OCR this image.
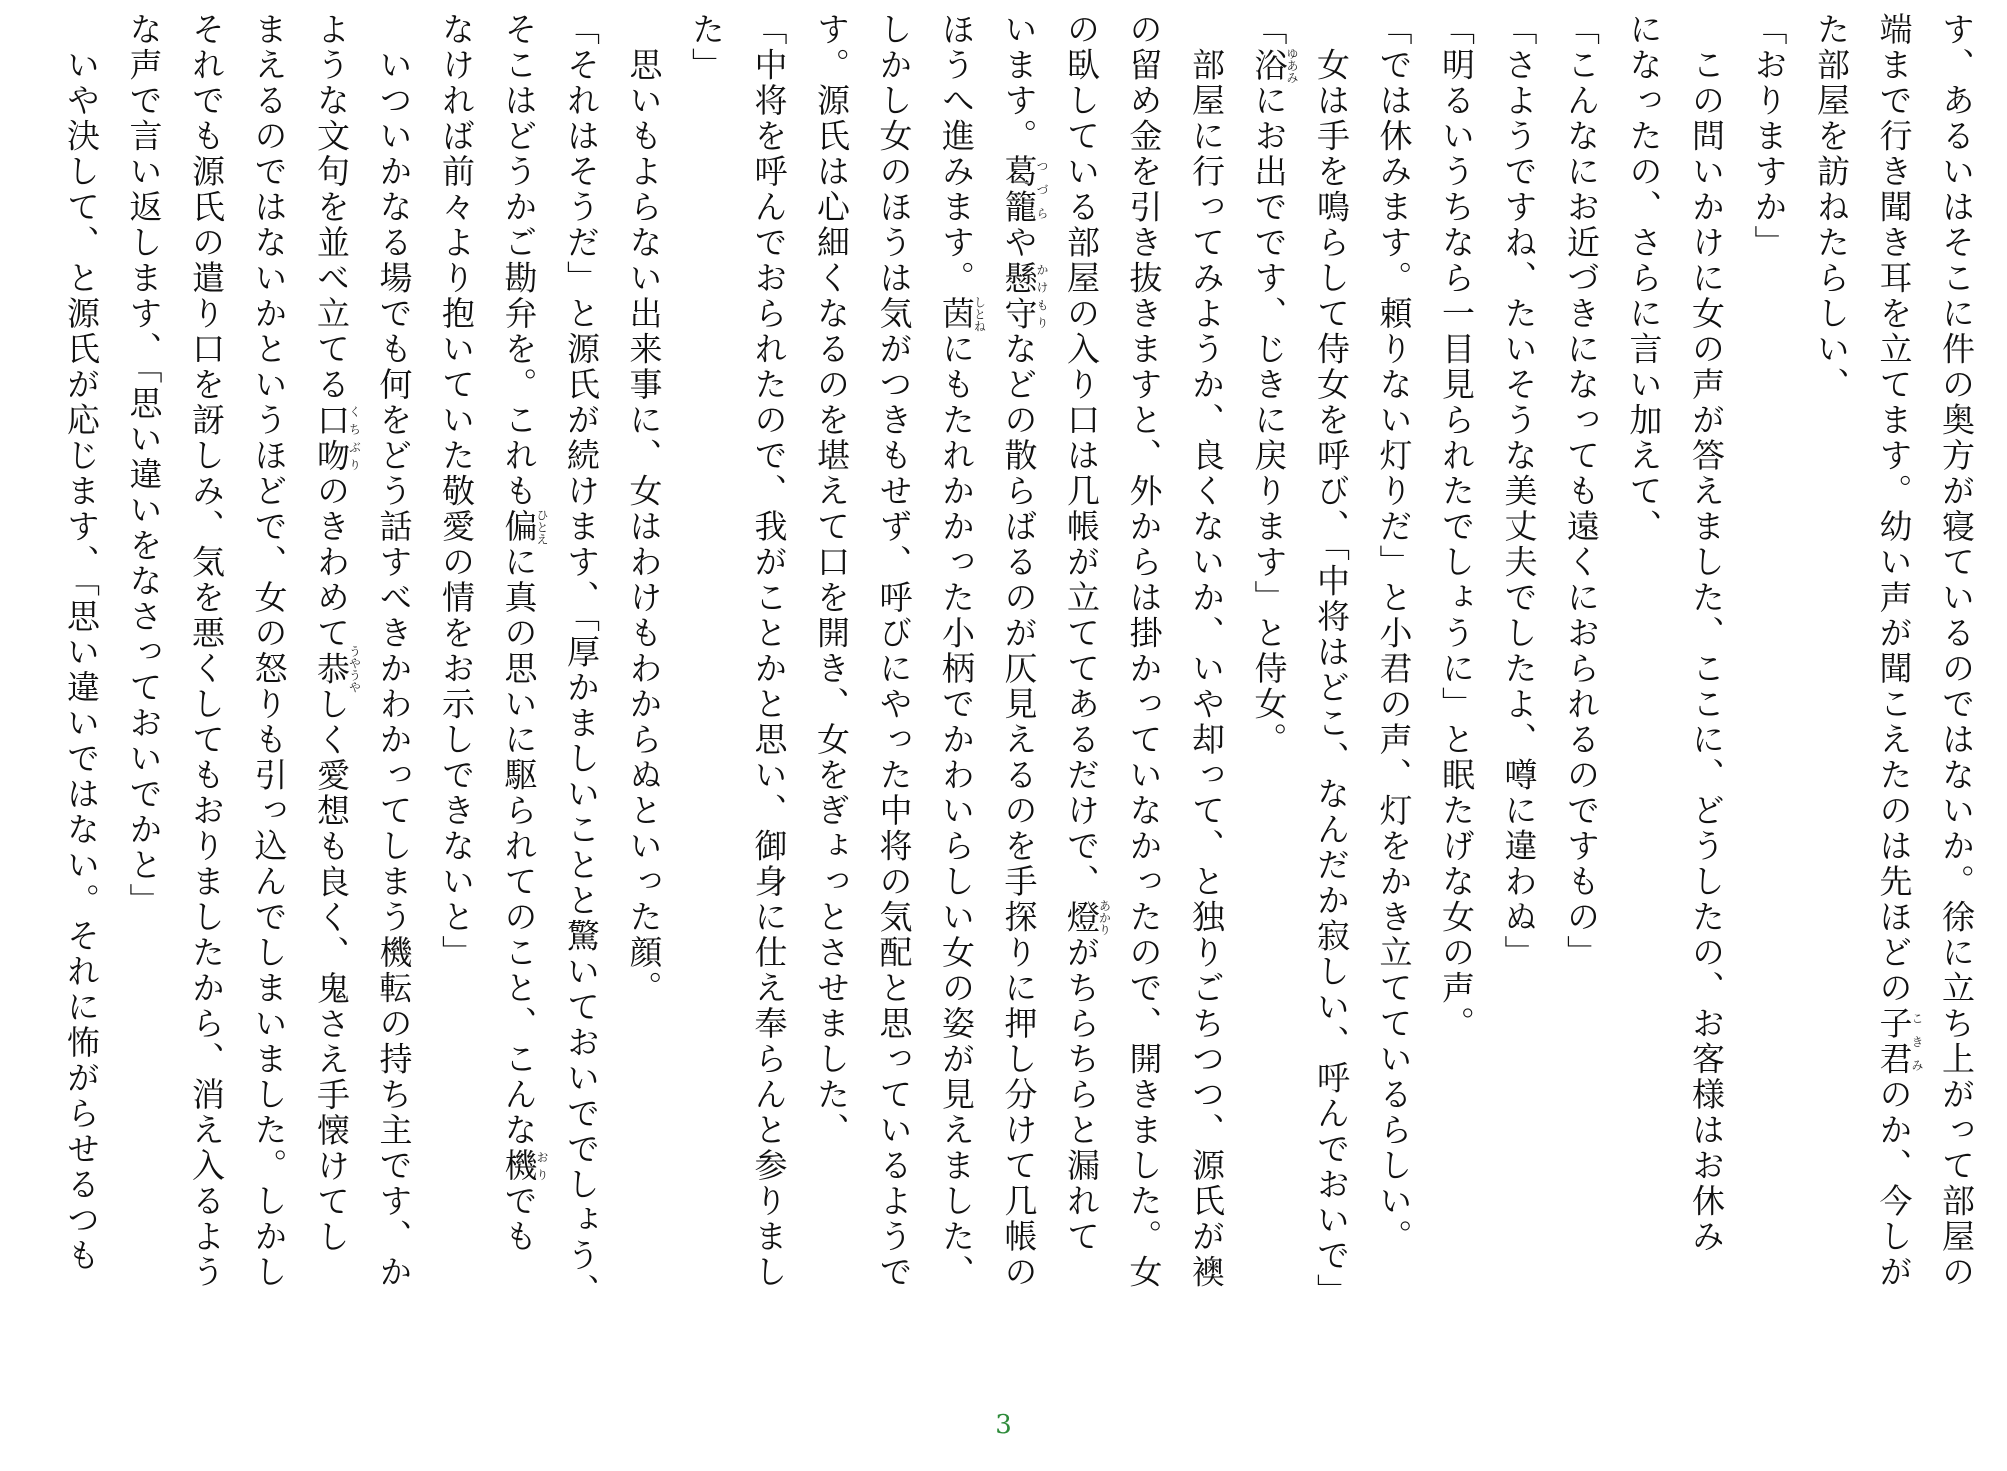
す、あるいはそこに件の奥方が寝ているのではないか。徐に立ち上がって部屋の
端まで行き聞き耳を立てます。幼い声が聞こえたのは先ほどの子君こきみのか、今しが
た部屋を訪ねたらしい、
「おりますか」
　この問いかけに女の声が答えました、ここに、どうしたの、お客様はお休み
になったの、さらに言い加えて、
「こんなにお近づきになっても遠くにおられるのですもの」
「さようですね、たいそうな美丈夫でしたよ、噂に違わぬ」
「明るいうちなら一目見られたでしょうに」と眠たげな女の声。
「では休みます。頼りない灯りだ」と小君の声、灯をかき立てているらしい。
　女は手を鳴らして侍女を呼び、「中将はどこ、なんだか寂しい、呼んでおいで」
「浴ゆあみにお出でです、じきに戻ります」と侍女。
　部屋に行ってみようか、良くないか、いや却って、と独りごちつつ、源氏が襖
の留め金を引き抜きますと、外からは掛かっていなかったので、開きました。女
の臥している部屋の入り口は几帳が立ててあるだけで、燈あかりがちらちらと漏れて
います。葛籠つづらや懸守かけもりなどの散らばるのが仄見えるのを手探りに押し分けて几帳の
ほうへ進みます。茵しとねにもたれかかった小柄でかわいらしい女の姿が見えました、
しかし女のほうは気がつきもせず、呼びにやった中将の気配と思っているようで
す。源氏は心細くなるのを堪えて口を開き、女をぎょっとさせました、
「中将を呼んでおられたので、我がことかと思い、御身に仕え奉らんと参りまし
た」
　思いもよらない出来事に、女はわけもわからぬといった顔。
「それはそうだ」と源氏が続けます、「厚かましいことと驚いておいででしょう、
そこはどうかご勘弁を。これも偏ひとえに真の思いに駆られてのこと、こんな機おりでも
なければ前々より抱いていた敬愛の情をお示しできないと」
　いついかなる場でも何をどう話すべきかわかってしまう機転の持ち主です、か
ような文句を並べ立てる口吻くちぶりのきわめて恭うやうやしく愛想も良く、鬼さえ手懐けてし
まえるのではないかというほどで、女の怒りも引っ込んでしまいました。しかし
それでも源氏の遣り口を訝しみ、気を悪くしてもおりましたから、消え入るよう
な声で言い返します、「思い違いをなさっておいでかと」
　いや決して、と源氏が応じます、「思い違いではない。それに怖がらせるつも
3
